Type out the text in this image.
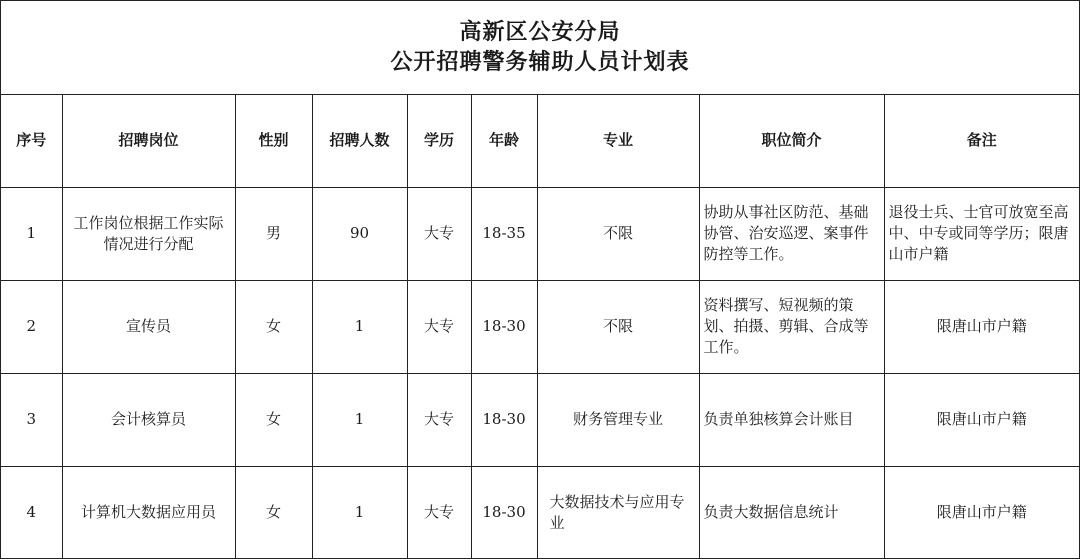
高新区公安分局
公开招聘警务辅助人员计划表
序号	招聘岗位	性别	招聘人数	学历	年龄	专业	职位简介	备注
1	工作岗位根据工作实际情况进行分配	男	90	大专	18-35	不限	协助从事社区防范、基础协管、治安巡逻、案事件防控等工作。	退役士兵、士官可放宽至高中、中专或同等学历；限唐山市户籍
2	宣传员	女	1	大专	18-30	不限	资料撰写、短视频的策划、拍摄、剪辑、合成等工作。	限唐山市户籍
3	会计核算员	女	1	大专	18-30	财务管理专业	负责单独核算会计账目	限唐山市户籍
4	计算机大数据应用员	女	1	大专	18-30	大数据技术与应用专业	负责大数据信息统计	限唐山市户籍
